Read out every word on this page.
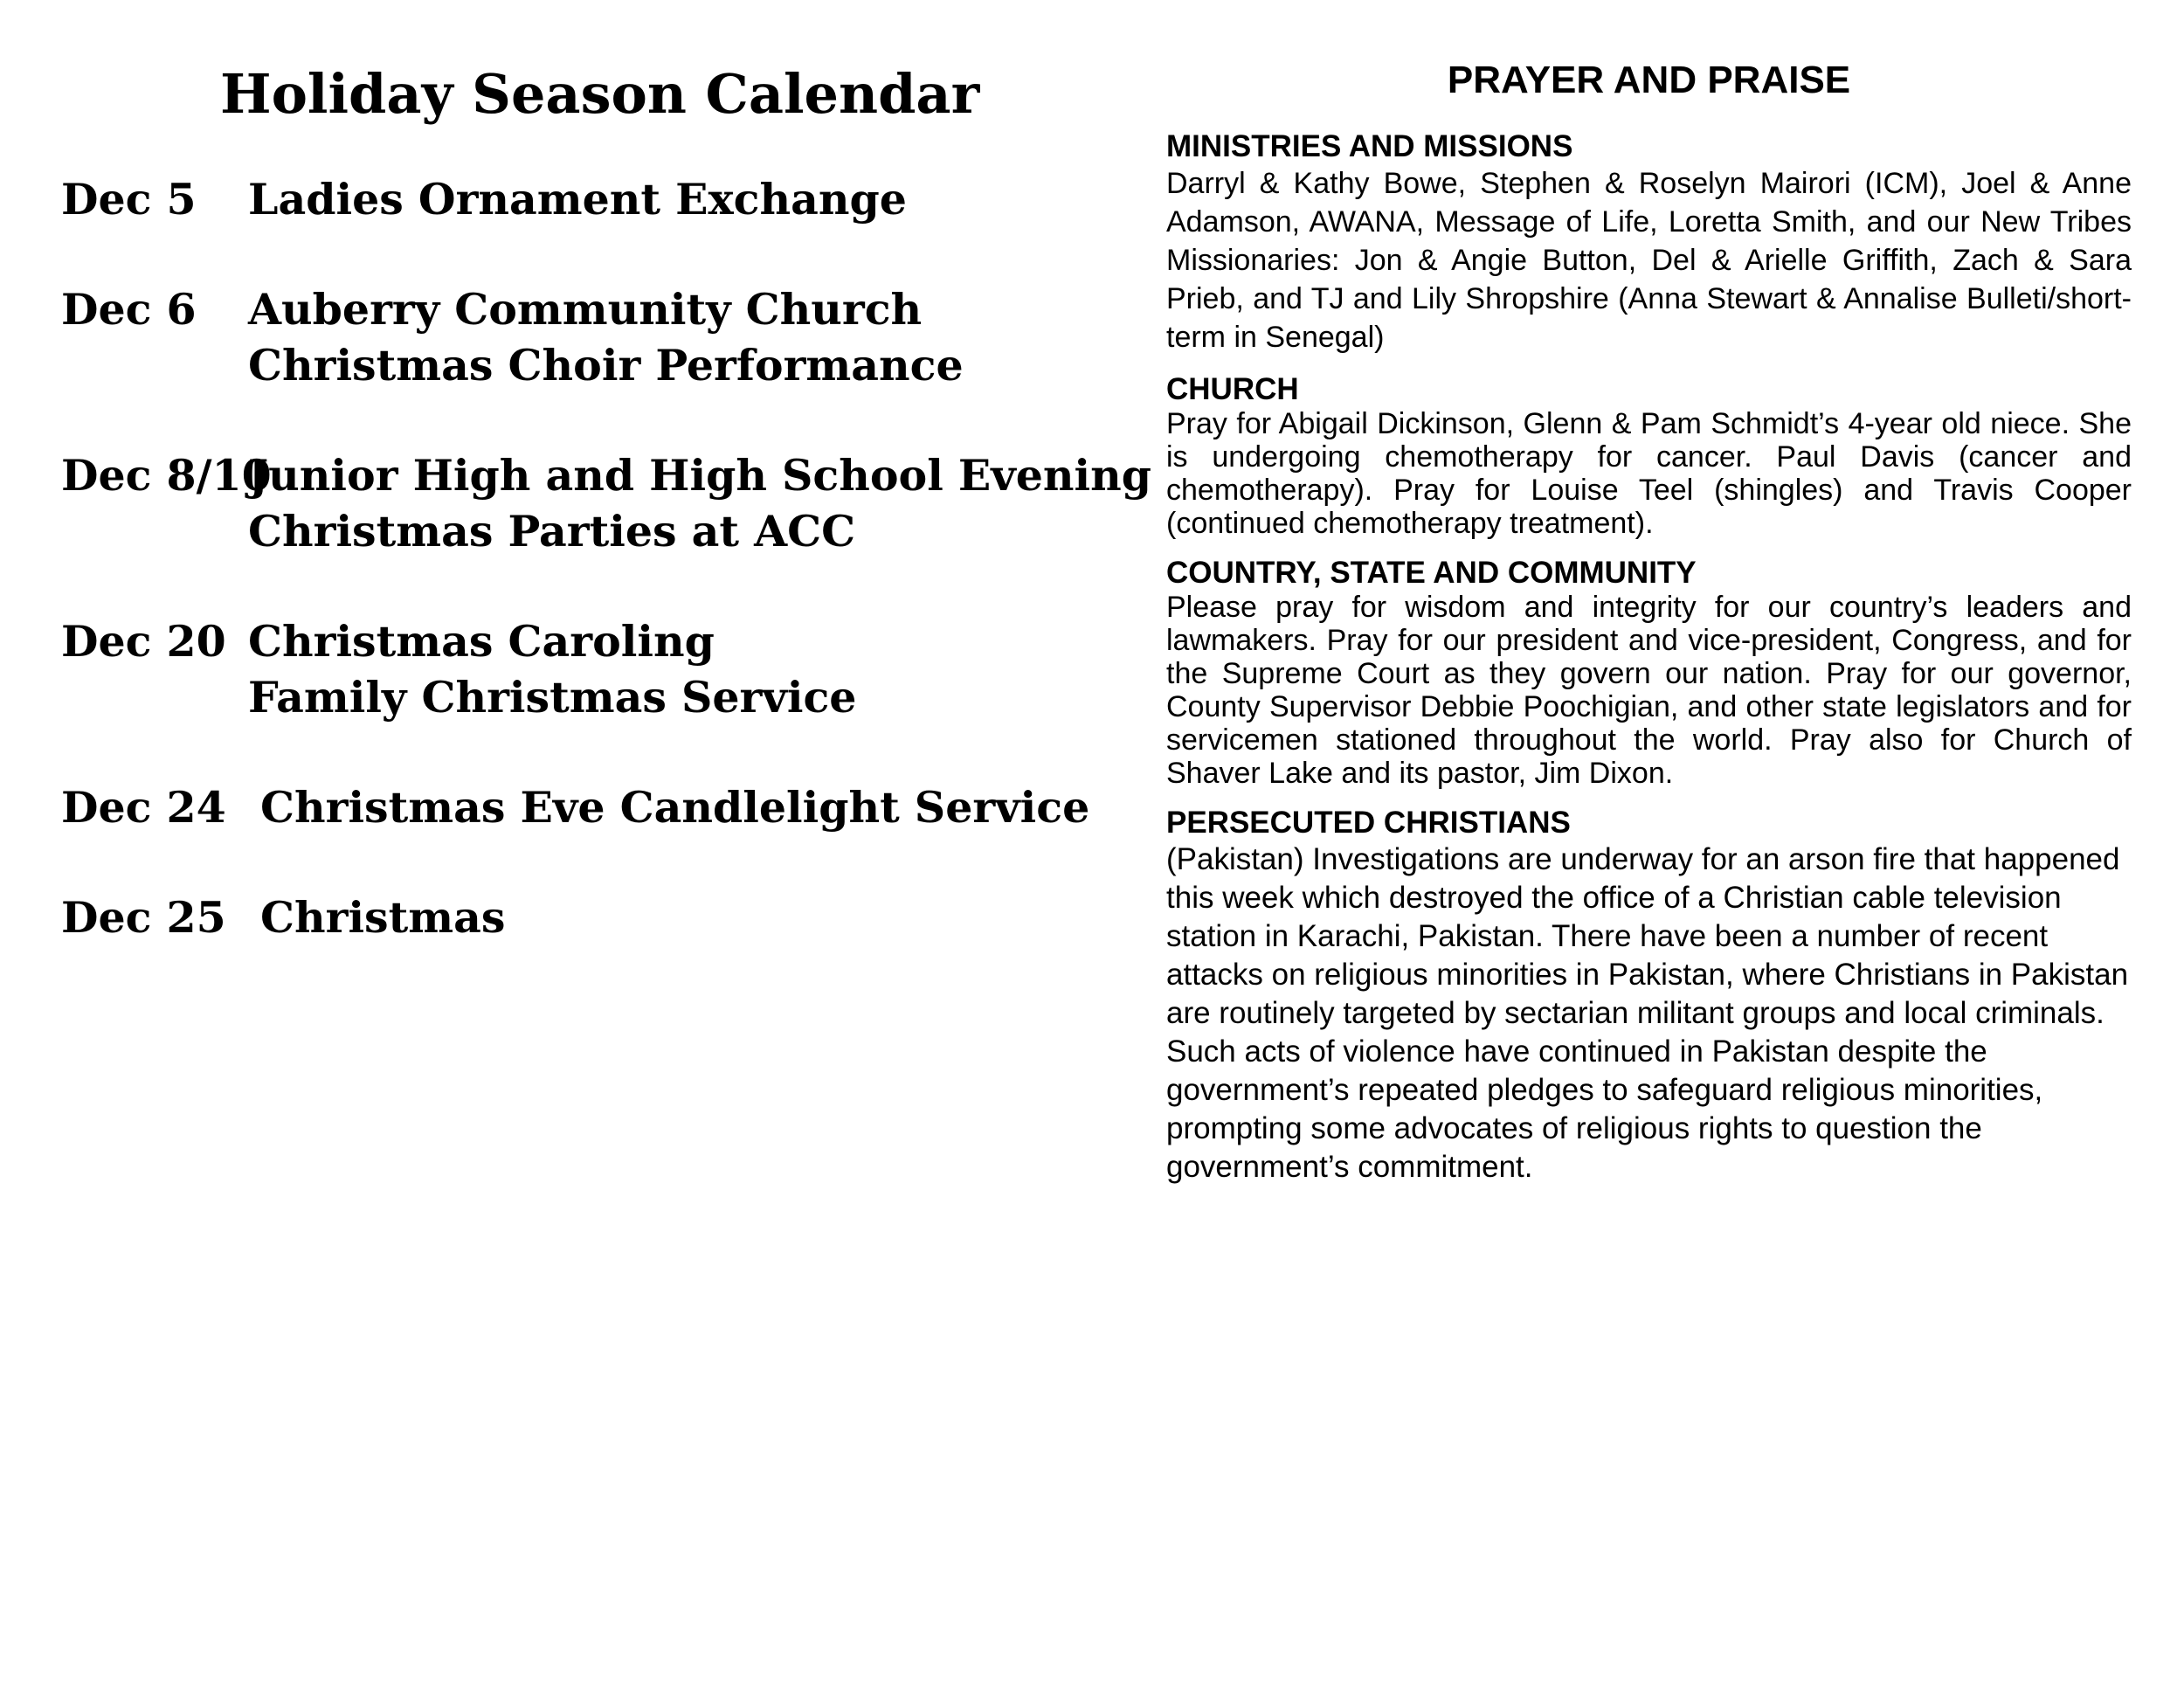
Holiday Season Calendar
Dec 5	Ladies Ornament Exchange
Dec 6	Auberry Community Church
Christmas Choir Performance
Dec 8/10
Junior High and High School Evening
Christmas Parties at ACC
Dec 20 Christmas Caroling
Family Christmas Service
Dec 24 Christmas Eve Candlelight Service
Dec 25 Christmas
PRAYER AND PRAISE

MINISTRIES AND MISSIONS

Darryl & Kathy Bowe, Stephen & Roselyn Mairori (ICM), Joel & Anne Adamson, AWANA, Message of Life, Loretta Smith, and our New Tribes Missionaries: Jon & Angie Button, Del & Arielle Griffith, Zach & Sara Prieb, and TJ and Lily Shropshire (Anna Stewart & Annalise Bulleti/short-term in Senegal)

CHURCH

Pray for Abigail Dickinson, Glenn & Pam Schmidt’s 4-year old niece. She is undergoing chemotherapy for cancer. Paul Davis (cancer and chemotherapy). Pray for Louise Teel (shingles) and Travis Cooper (continued chemotherapy treatment).

COUNTRY, STATE AND COMMUNITY

Please pray for wisdom and integrity for our country’s leaders and lawmakers. Pray for our president and vice-president, Congress, and for the Supreme Court as they govern our nation. Pray for our governor, County Supervisor Debbie Poochigian, and other state legislators and for servicemen stationed throughout the world. Pray also for Church of Shaver Lake and its pastor, Jim Dixon.

PERSECUTED CHRISTIANS

(Pakistan) Investigations are underway for an arson fire that happened this week which destroyed the office of a Christian cable television station in Karachi, Pakistan. There have been a number of recent attacks on religious minorities in Pakistan, where Christians in Pakistan are routinely targeted by sectarian militant groups and local criminals. Such acts of violence have continued in Pakistan despite the government’s repeated pledges to safeguard religious minorities, prompting some advocates of religious rights to question the government’s commitment.
